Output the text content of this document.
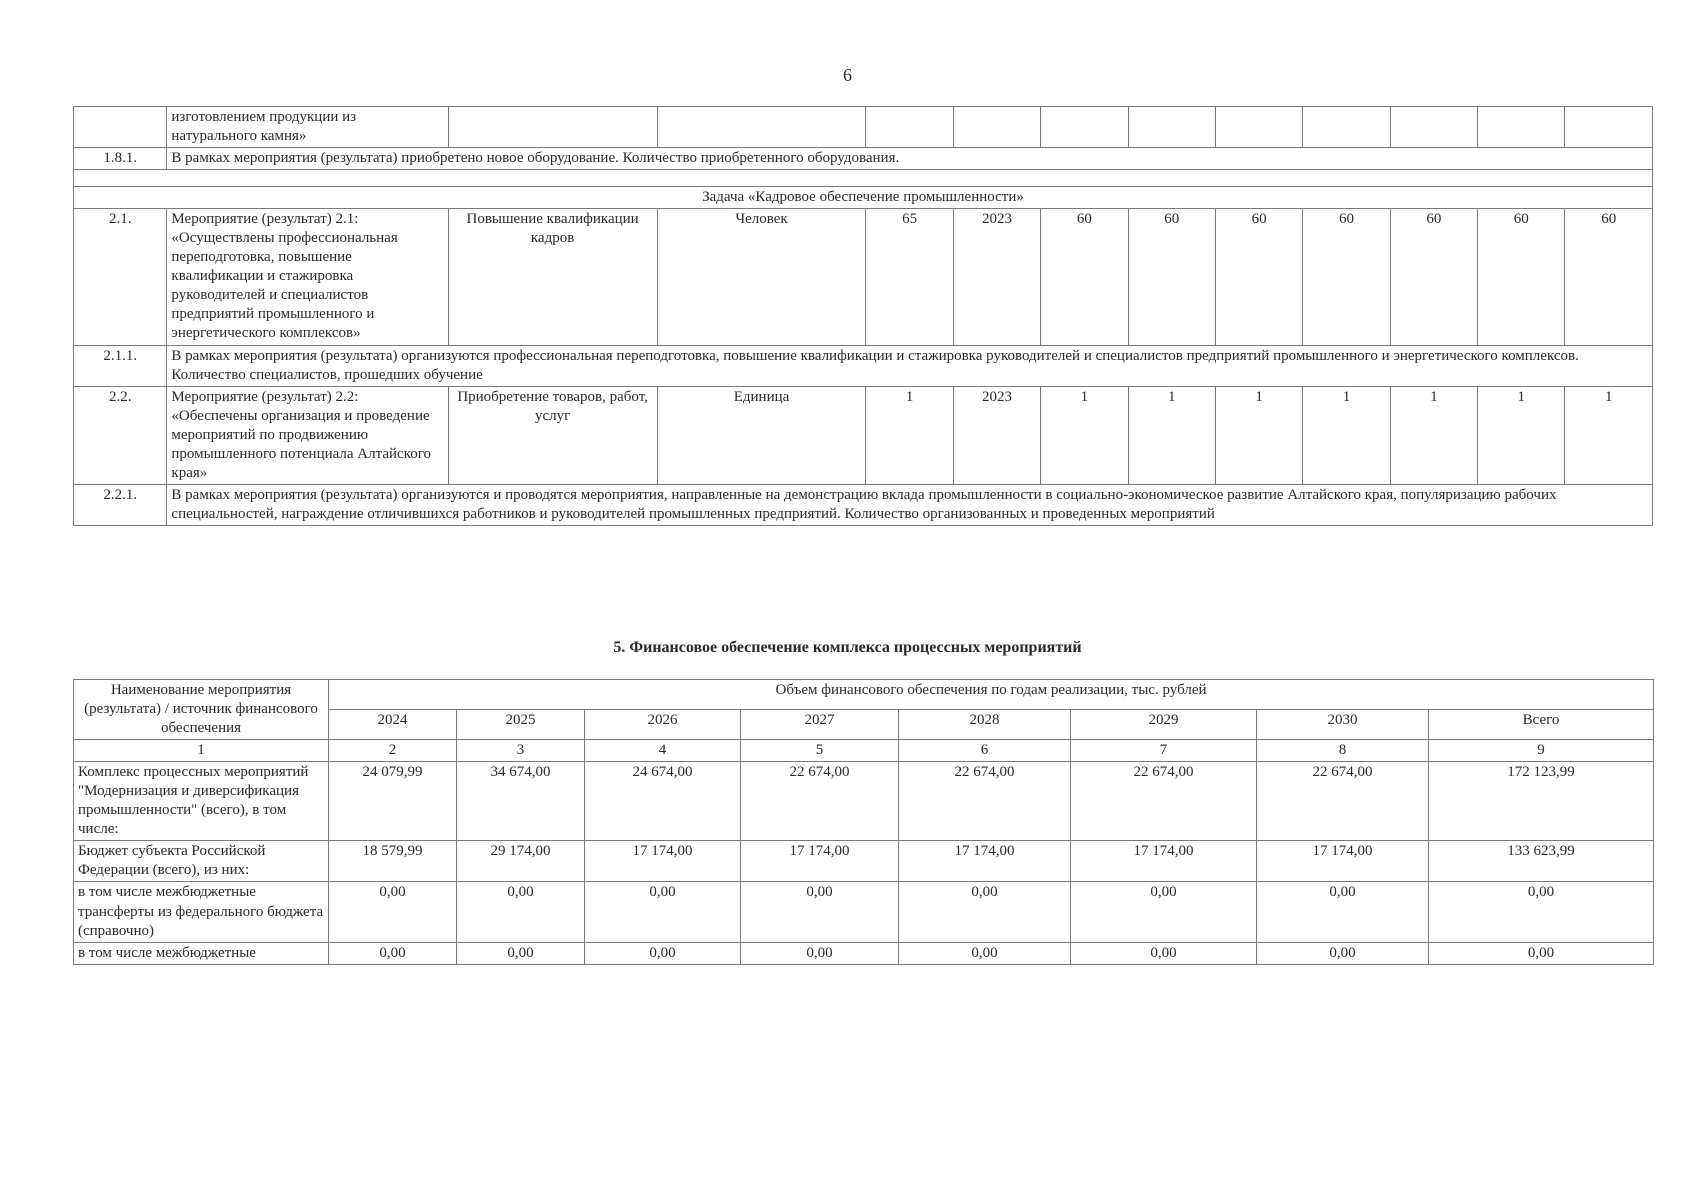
6
	изготовлением продукции из
натурального камня»											
1.8.1.	В рамках мероприятия (результата) приобретено новое оборудование. Количество приобретенного оборудования.											

Задача «Кадровое обеспечение промышленности»												
2.1.	Мероприятие (результат) 2.1: «Осуществлены профессиональная переподготовка, повышение квалификации и стажировка руководителей и специалистов предприятий промышленного и энергетического комплексов»	Повышение квалификации кадров	Человек	65	2023	60	60	60	60	60	60	60
2.1.1.	В рамках мероприятия (результата) организуются профессиональная переподготовка, повышение квалификации и стажировка руководителей и специалистов предприятий промышленного и энергетического комплексов. Количество специалистов, прошедших обучение											
2.2.	Мероприятие (результат) 2.2: «Обеспечены организация и проведение мероприятий по продвижению промышленного потенциала Алтайского края»	Приобретение товаров, работ, услуг	Единица	1	2023	1	1	1	1	1	1	1
2.2.1.	В рамках мероприятия (результата) организуются и проводятся мероприятия, направленные на демонстрацию вклада промышленности в социально-экономическое развитие Алтайского края, популяризацию рабочих специальностей, награждение отличившихся работников и руководителей промышленных предприятий. Количество организованных и проведенных мероприятий											
5. Финансовое обеспечение комплекса процессных мероприятий
Наименование мероприятия (результата) / источник финансового обеспечения	Объем финансового обеспечения по годам реализации, тыс. рублей							
	2024	2025	2026	2027	2028	2029	2030	Всего
1	2	3	4	5	6	7	8	9
Комплекс процессных мероприятий "Модернизация и диверсификация промышленности" (всего), в том числе:	24 079,99	34 674,00	24 674,00	22 674,00	22 674,00	22 674,00	22 674,00	172 123,99
Бюджет субъекта Российской Федерации (всего), из них:	18 579,99	29 174,00	17 174,00	17 174,00	17 174,00	17 174,00	17 174,00	133 623,99
в том числе межбюджетные трансферты из федерального бюджета (справочно)	0,00	0,00	0,00	0,00	0,00	0,00	0,00	0,00
в том числе межбюджетные	0,00	0,00	0,00	0,00	0,00	0,00	0,00	0,00
